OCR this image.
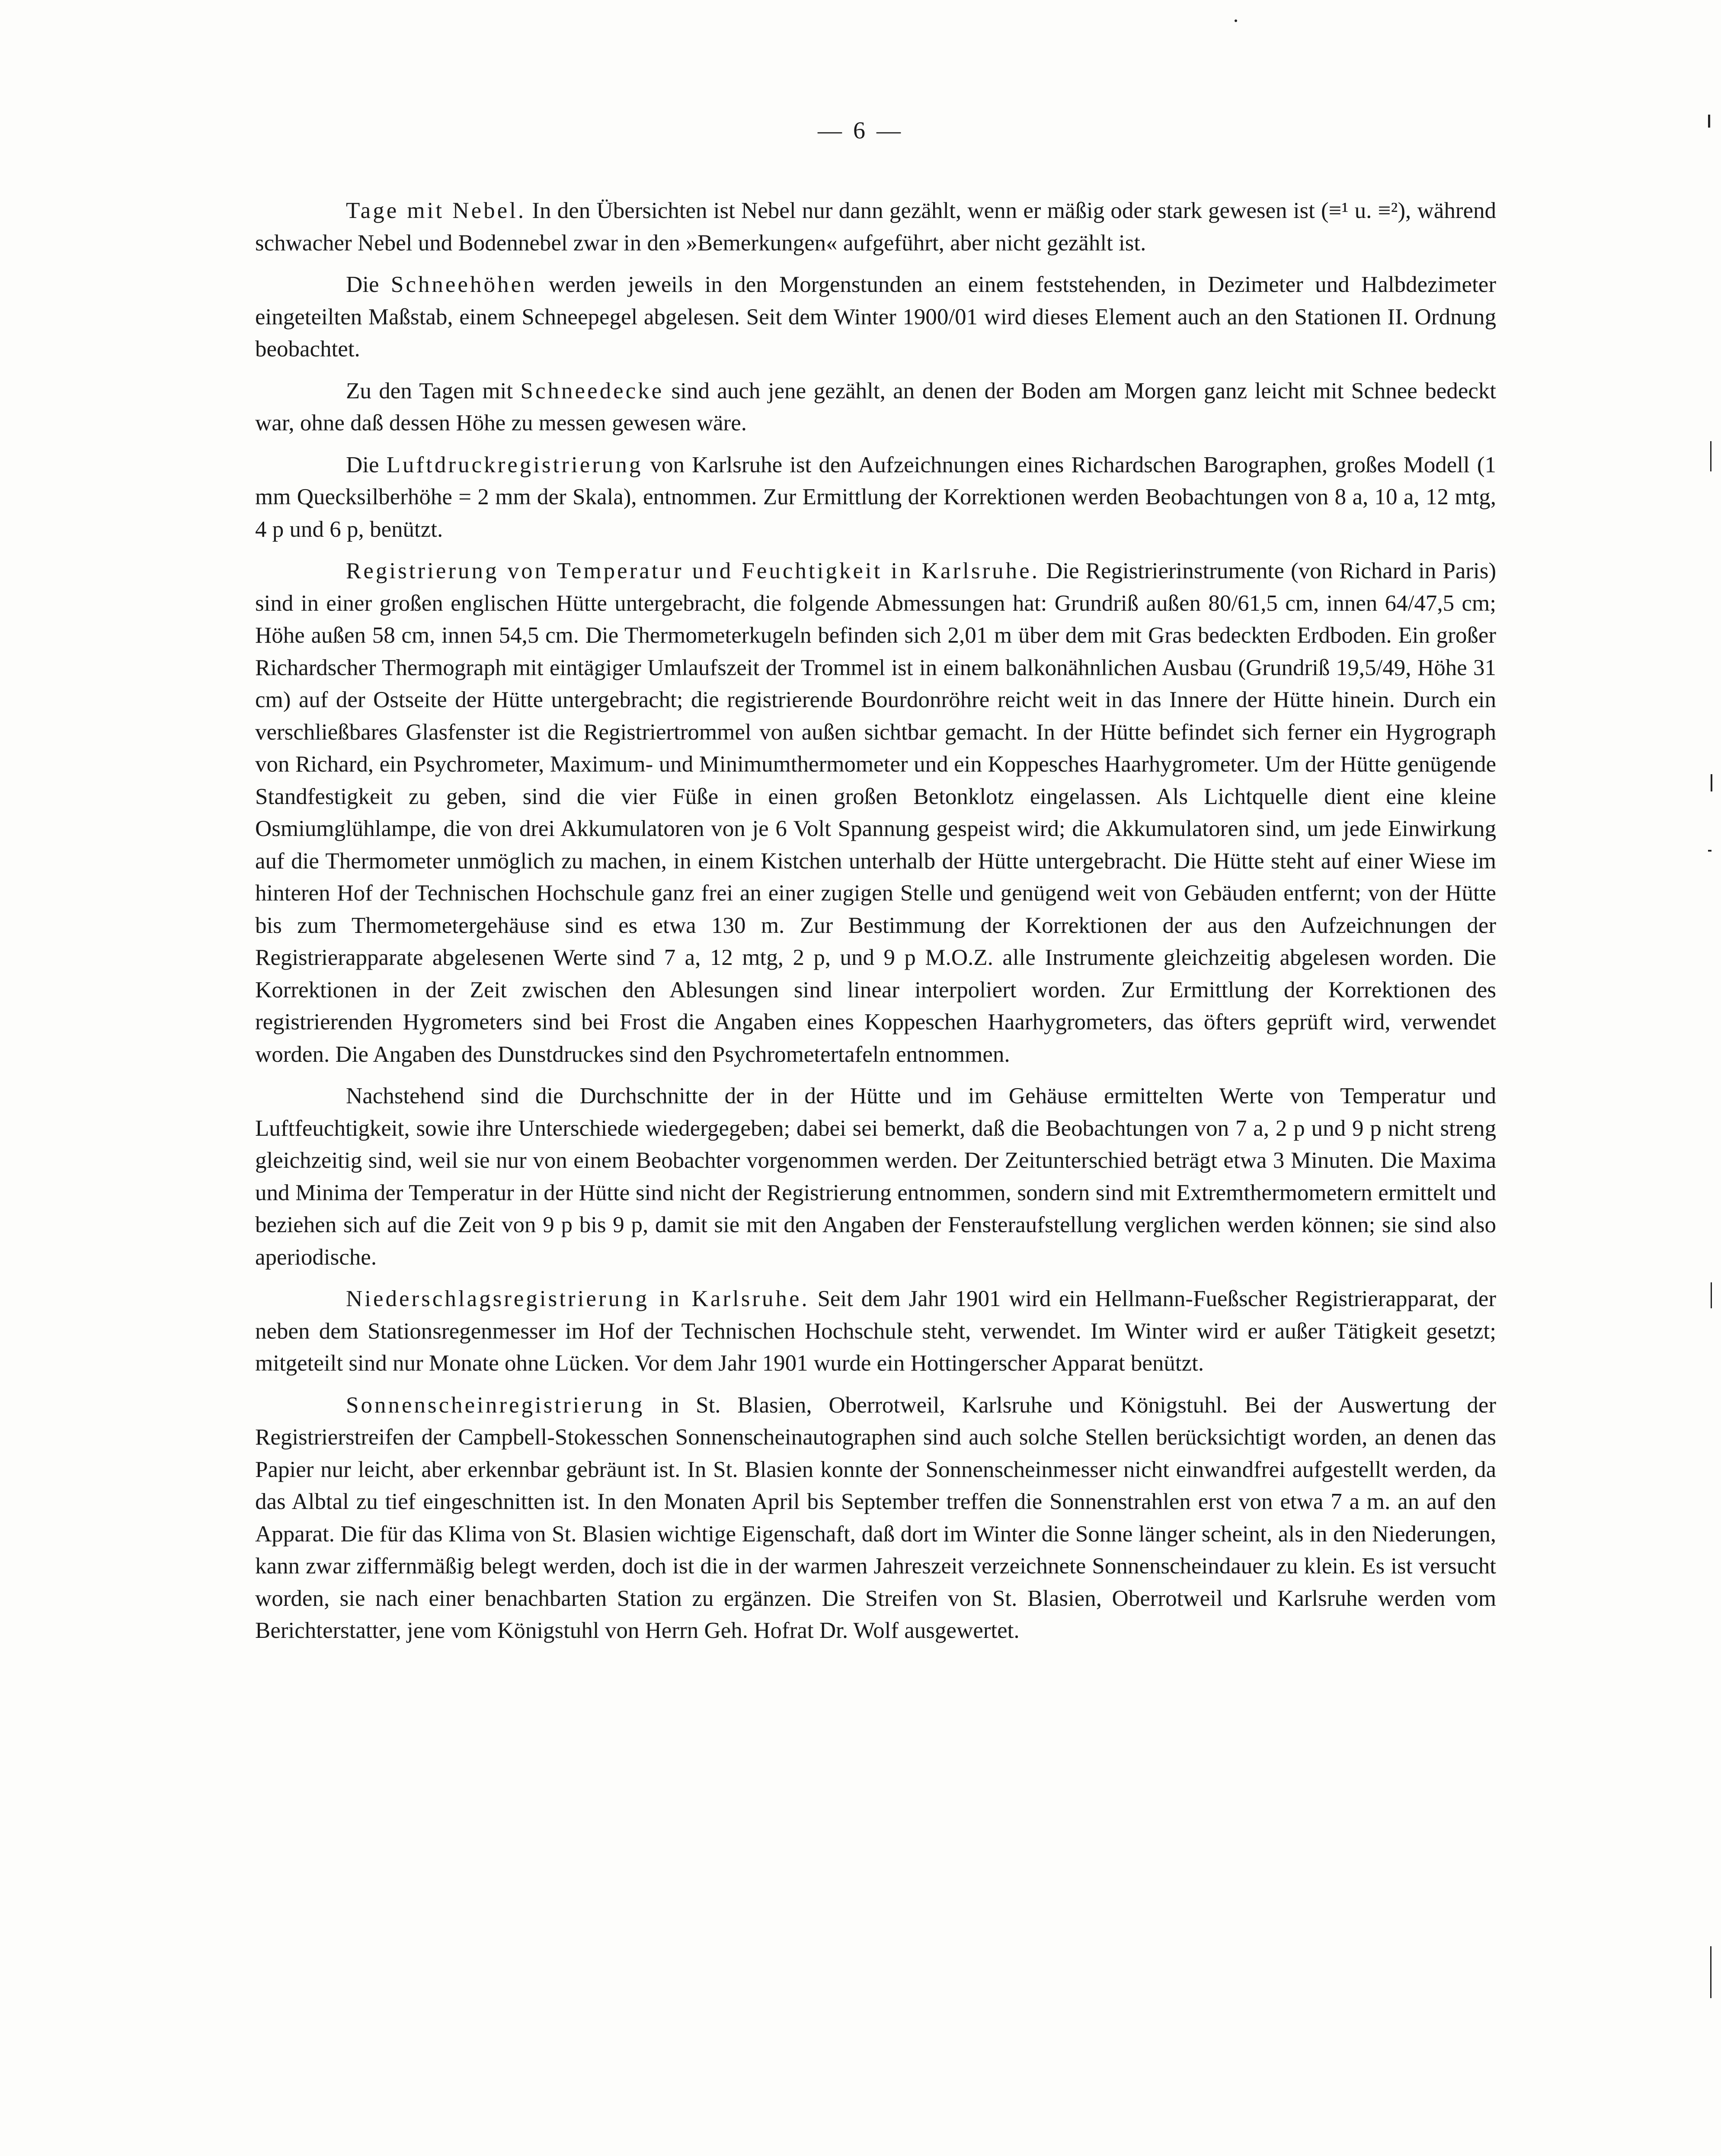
— 6 —

Tage mit Nebel. In den Übersichten ist Nebel nur dann gezählt, wenn er mäßig oder stark gewesen ist (≡¹ u. ≡²), während schwacher Nebel und Bodennebel zwar in den »Bemerkungen« aufgeführt, aber nicht gezählt ist.

Die Schneehöhen werden jeweils in den Morgenstunden an einem feststehenden, in Dezimeter und Halbdezimeter eingeteilten Maßstab, einem Schneepegel abgelesen. Seit dem Winter 1900/01 wird dieses Element auch an den Stationen II. Ordnung beobachtet.

Zu den Tagen mit Schneedecke sind auch jene gezählt, an denen der Boden am Morgen ganz leicht mit Schnee bedeckt war, ohne daß dessen Höhe zu messen gewesen wäre.

Die Luftdruckregistrierung von Karlsruhe ist den Aufzeichnungen eines Richardschen Barographen, großes Modell (1 mm Quecksilberhöhe = 2 mm der Skala), entnommen. Zur Ermittlung der Korrektionen werden Beobachtungen von 8 a, 10 a, 12 mtg, 4 p und 6 p, benützt.

Registrierung von Temperatur und Feuchtigkeit in Karlsruhe. Die Registrierinstrumente (von Richard in Paris) sind in einer großen englischen Hütte untergebracht, die folgende Abmessungen hat: Grundriß außen 80/61,5 cm, innen 64/47,5 cm; Höhe außen 58 cm, innen 54,5 cm. Die Thermometerkugeln befinden sich 2,01 m über dem mit Gras bedeckten Erdboden. Ein großer Richardscher Thermograph mit eintägiger Umlaufszeit der Trommel ist in einem balkonähnlichen Ausbau (Grundriß 19,5/49, Höhe 31 cm) auf der Ostseite der Hütte untergebracht; die registrierende Bourdonröhre reicht weit in das Innere der Hütte hinein. Durch ein verschließbares Glasfenster ist die Registriertrommel von außen sichtbar gemacht. In der Hütte befindet sich ferner ein Hygrograph von Richard, ein Psychrometer, Maximum- und Minimumthermometer und ein Koppesches Haarhygrometer. Um der Hütte genügende Standfestigkeit zu geben, sind die vier Füße in einen großen Betonklotz eingelassen. Als Lichtquelle dient eine kleine Osmiumglühlampe, die von drei Akkumulatoren von je 6 Volt Spannung gespeist wird; die Akkumulatoren sind, um jede Einwirkung auf die Thermometer unmöglich zu machen, in einem Kistchen unterhalb der Hütte untergebracht. Die Hütte steht auf einer Wiese im hinteren Hof der Technischen Hochschule ganz frei an einer zugigen Stelle und genügend weit von Gebäuden entfernt; von der Hütte bis zum Thermometergehäuse sind es etwa 130 m. Zur Bestimmung der Korrektionen der aus den Aufzeichnungen der Registrierapparate abgelesenen Werte sind 7 a, 12 mtg, 2 p, und 9 p M.O.Z. alle Instrumente gleichzeitig abgelesen worden. Die Korrektionen in der Zeit zwischen den Ablesungen sind linear interpoliert worden. Zur Ermittlung der Korrektionen des registrierenden Hygrometers sind bei Frost die Angaben eines Koppeschen Haarhygrometers, das öfters geprüft wird, verwendet worden. Die Angaben des Dunstdruckes sind den Psychrometertafeln entnommen.

Nachstehend sind die Durchschnitte der in der Hütte und im Gehäuse ermittelten Werte von Temperatur und Luftfeuchtigkeit, sowie ihre Unterschiede wiedergegeben; dabei sei bemerkt, daß die Beobachtungen von 7 a, 2 p und 9 p nicht streng gleichzeitig sind, weil sie nur von einem Beobachter vorgenommen werden. Der Zeitunterschied beträgt etwa 3 Minuten. Die Maxima und Minima der Temperatur in der Hütte sind nicht der Registrierung entnommen, sondern sind mit Extremthermometern ermittelt und beziehen sich auf die Zeit von 9 p bis 9 p, damit sie mit den Angaben der Fensteraufstellung verglichen werden können; sie sind also aperiodische.

Niederschlagsregistrierung in Karlsruhe. Seit dem Jahr 1901 wird ein Hellmann-Fueßscher Registrierapparat, der neben dem Stationsregenmesser im Hof der Technischen Hochschule steht, verwendet. Im Winter wird er außer Tätigkeit gesetzt; mitgeteilt sind nur Monate ohne Lücken. Vor dem Jahr 1901 wurde ein Hottingerscher Apparat benützt.

Sonnenscheinregistrierung in St. Blasien, Oberrotweil, Karlsruhe und Königstuhl. Bei der Auswertung der Registrierstreifen der Campbell-Stokesschen Sonnenscheinautographen sind auch solche Stellen berücksichtigt worden, an denen das Papier nur leicht, aber erkennbar gebräunt ist. In St. Blasien konnte der Sonnenscheinmesser nicht einwandfrei aufgestellt werden, da das Albtal zu tief eingeschnitten ist. In den Monaten April bis September treffen die Sonnenstrahlen erst von etwa 7 a m. an auf den Apparat. Die für das Klima von St. Blasien wichtige Eigenschaft, daß dort im Winter die Sonne länger scheint, als in den Niederungen, kann zwar ziffernmäßig belegt werden, doch ist die in der warmen Jahreszeit verzeichnete Sonnenscheindauer zu klein. Es ist versucht worden, sie nach einer benachbarten Station zu ergänzen. Die Streifen von St. Blasien, Oberrotweil und Karlsruhe werden vom Berichterstatter, jene vom Königstuhl von Herrn Geh. Hofrat Dr. Wolf ausgewertet.
